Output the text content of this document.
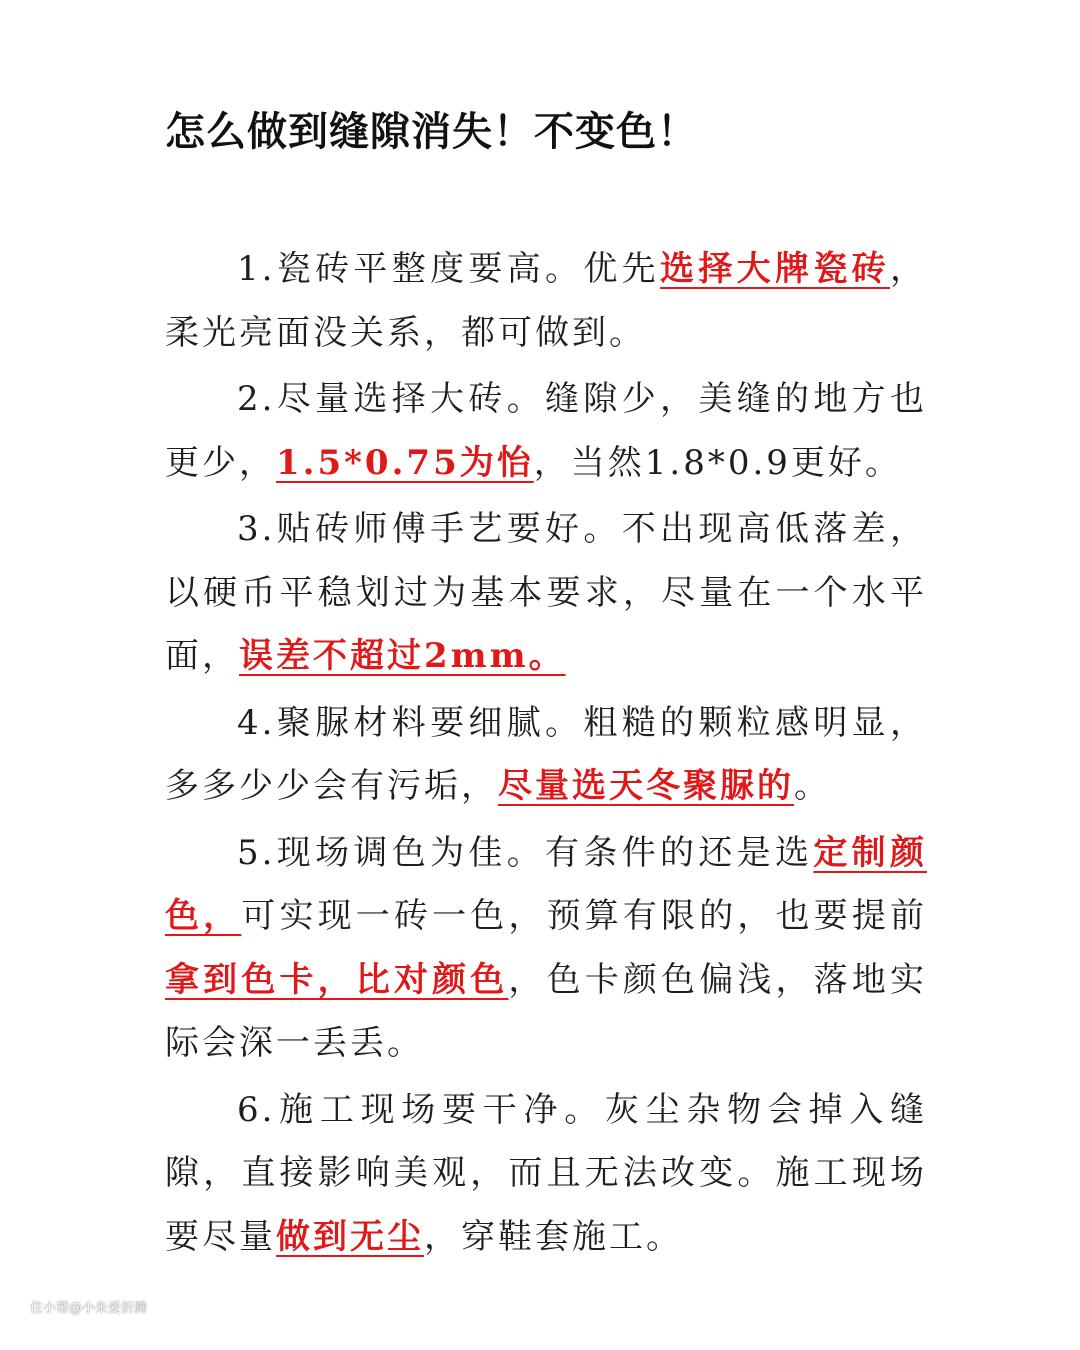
怎么做到缝隙消失！不变色！

1.瓷砖平整度要高。优先选择大牌瓷砖，柔光亮面没关系，都可做到。

2.尽量选择大砖。缝隙少，美缝的地方也更少，1.5*0.75为怡，当然1.8*0.9更好。

3.贴砖师傅手艺要好。不出现高低落差，以硬币平稳划过为基本要求，尽量在一个水平面，误差不超过2mm。

4.聚脲材料要细腻。粗糙的颗粒感明显，多多少少会有污垢，尽量选天冬聚脲的。

5.现场调色为佳。有条件的还是选定制颜色，可实现一砖一色，预算有限的，也要提前拿到色卡，比对颜色，色卡颜色偏浅，落地实际会深一丢丢。

6.施工现场要干净。灰尘杂物会掉入缝隙，直接影响美观，而且无法改变。施工现场要尽量做到无尘，穿鞋套施工。

住小帮@小朱爱折腾
